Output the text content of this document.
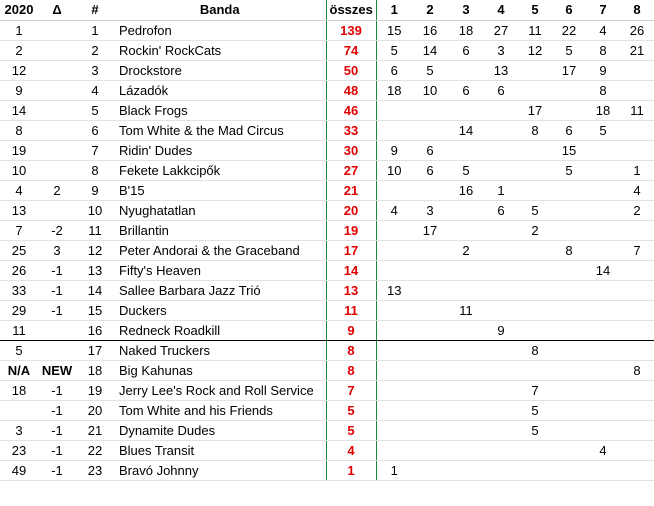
2020	Δ	#	Banda	összes	1	2	3	4	5	6	7	8
1		1	Pedrofon	139	15	16	18	27	11	22	4	26
2		2	Rockin' RockCats	74	5	14	6	3	12	5	8	21
12		3	Drockstore	50	6	5		13		17	9	
9		4	Lázadók	48	18	10	6	6			8	
14		5	Black Frogs	46					17		18	11
8		6	Tom White & the Mad Circus	33			14		8	6	5	
19		7	Ridin' Dudes	30	9	6				15		
10		8	Fekete Lakkcipők	27	10	6	5			5		1
4	2	9	B'15	21			16	1				4
13		10	Nyughatatlan	20	4	3		6	5			2
7	-2	11	Brillantin	19		17			2			
25	3	12	Peter Andorai & the Graceband	17			2			8		7
26	-1	13	Fifty's Heaven	14							14	
33	-1	14	Sallee Barbara Jazz Trió	13	13							
29	-1	15	Duckers	11			11					
11		16	Redneck Roadkill	9				9				
5		17	Naked Truckers	8					8			
N/A	NEW	18	Big Kahunas	8								8
18	-1	19	Jerry Lee's Rock and Roll Service	7					7			
	-1	20	Tom White and his Friends	5					5			
3	-1	21	Dynamite Dudes	5					5			
23	-1	22	Blues Transit	4							4	
49	-1	23	Bravó Johnny	1	1							
